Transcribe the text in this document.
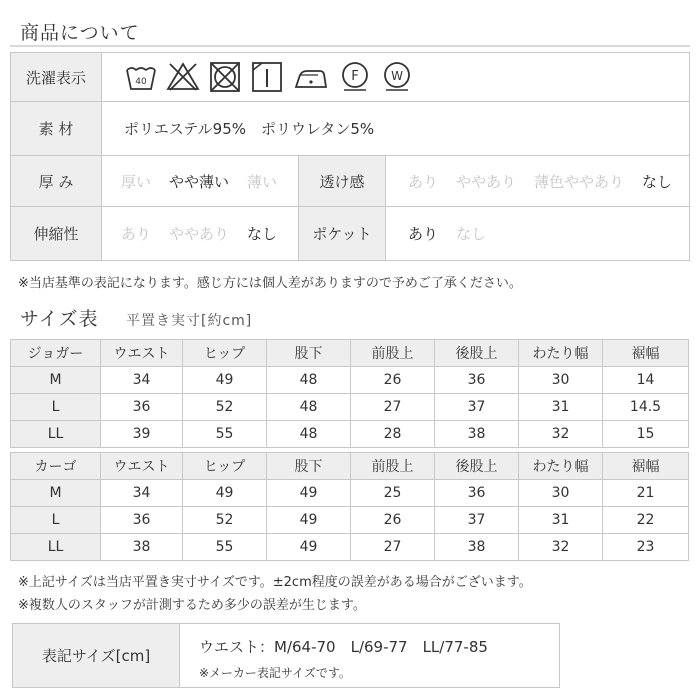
商品について
洗濯表示	40	F	W
素 材	ポリエステル95%　ポリウレタン5%
厚 み	厚い やや薄い 薄い	透け感	あり ややあり 薄色ややあり なし
伸縮性	あり ややあり なし	ポケット	あり なし
※当店基準の表記になります。感じ方には個人差がありますので予めご了承ください。
サイズ表 平置き実寸[約cm]
ジョガー	ウエスト	ヒップ	股下	前股上	後股上	わたり幅	裾幅
M	34	49	48	26	36	30	14
L	36	52	48	27	37	31	14.5
LL	39	55	48	28	38	32	15
カーゴ	ウエスト	ヒップ	股下	前股上	後股上	わたり幅	裾幅
M	34	49	49	25	36	30	21
L	36	52	49	26	37	31	22
LL	38	55	49	27	38	32	23
※上記サイズは当店平置き実寸サイズです。±2cm程度の誤差がある場合がございます。
※複数人のスタッフが計測するため多少の誤差が生じます。
表記サイズ[cm]	ウエスト：M/64-70　L/69-77　LL/77-85
※メーカー表記サイズです。
